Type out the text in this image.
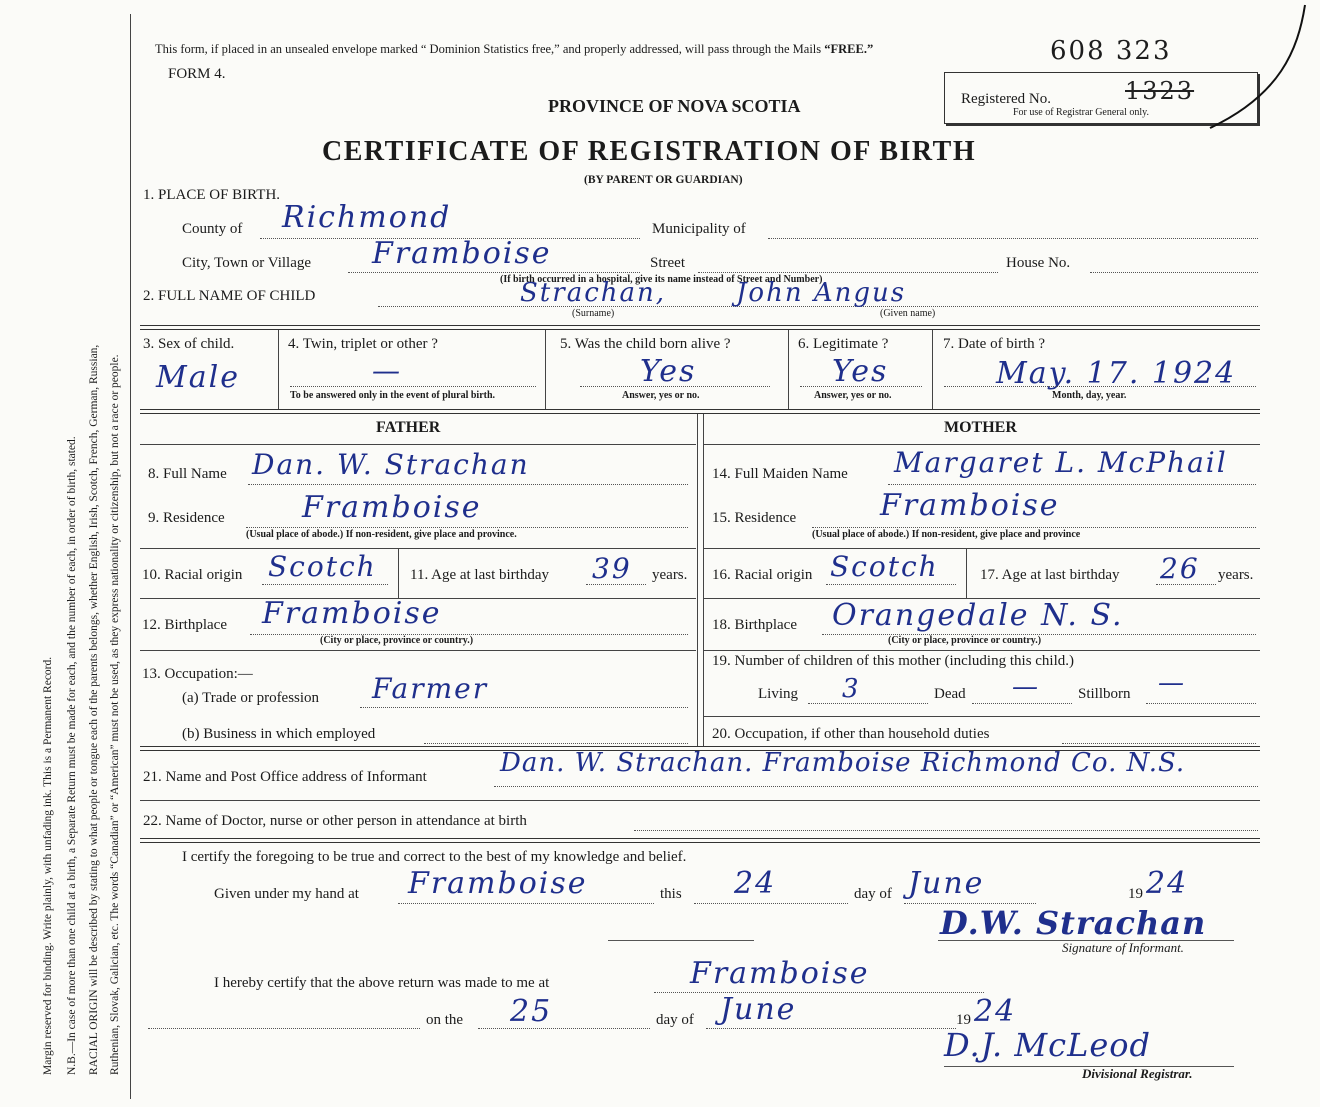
Margin reserved for binding. Write plainly, with unfading ink. This is a Permanent Record. N.B.—In case of more than one child at a birth, a Separate Return must be made for each, and the number of each, in order of birth, stated. RACIAL ORIGIN will be described by stating to what people or tongue each of the parents belongs, whether English, Irish, Scotch, French, German, Russian, Ruthenian, Slovak, Galician, etc. The words “Canadian” or “American” must not be used, as they express nationality or citizenship, but not a race or people.
This form, if placed in an unsealed envelope marked “ Dominion Statistics free,” and properly addressed, will pass through the Mails “FREE.”	608 323
FORM 4.
PROVINCE OF NOVA SCOTIA	Registered No.	1323
For use of Registrar General only.
CERTIFICATE OF REGISTRATION OF BIRTH
(BY PARENT OR GUARDIAN)
1. PLACE OF BIRTH.
County of Richmond	Municipality of
City, Town or Village Framboise	Street	House No.
(If birth occurred in a hospital, give its name instead of Street and Number)
2. FULL NAME OF CHILD	Strachan,	John Angus
(Surname)	(Given name)
3. Sex of child.
Male
4. Twin, triplet or other ?
—
To be answered only in the event of plural birth.
5. Was the child born alive ?
Yes
Answer, yes or no.
6. Legitimate ?
Yes
Answer, yes or no.
7. Date of birth ?
May. 17. 1924
Month, day, year.
FATHER	MOTHER
8. Full Name Dan. W. Strachan
9. Residence	Framboise
(Usual place of abode.) If non-resident, give place and province.
10. Racial origin Scotch 11. Age at last birthday 39 years.
12. Birthplace Framboise
(City or place, province or country.)
13. Occupation:—
(a) Trade or profession Farmer
(b) Business in which employed
14. Full Maiden Name Margaret L. McPhail
15. Residence	Framboise
(Usual place of abode.) If non-resident, give place and province
16. Racial origin Scotch	17. Age at last birthday 26 years.
18. Birthplace Orangedale N. S.
(City or place, province or country.)
19. Number of children of this mother (including this child.)
Living 3	Dead —	Stillborn —
20. Occupation, if other than household duties
21. Name and Post Office address of Informant	Dan. W. Strachan. Framboise Richmond Co. N.S.
22. Name of Doctor, nurse or other person in attendance at birth
I certify the foregoing to be true and correct to the best of my knowledge and belief.
Given under my hand at Framboise	this 24	day of June	19 24
D.W. Strachan
Signature of Informant.
I hereby certify that the above return was made to me at	Framboise
on the 25	day of June	19 24
D.J. McLeod
Divisional Registrar.
